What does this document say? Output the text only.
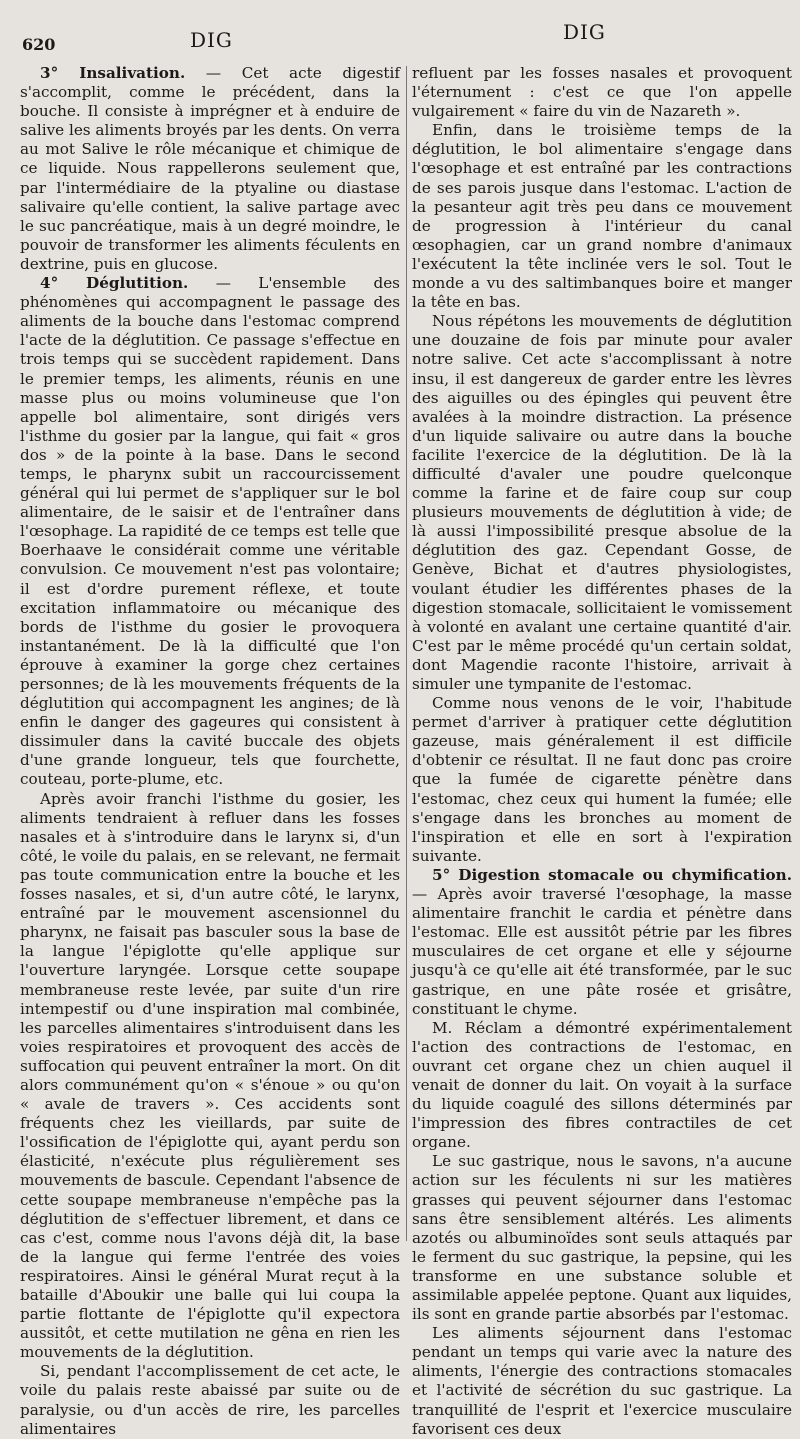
620	DIG	DIG

3° Insalivation. — Cet acte digestif s'accomplit, comme le précédent, dans la bouche. Il consiste à imprégner et à enduire de salive les aliments broyés par les dents. On verra au mot Salive le rôle mécanique et chimique de ce liquide. Nous rappellerons seulement que, par l'intermédiaire de la ptyaline ou diastase salivaire qu'elle contient, la salive partage avec le suc pancréatique, mais à un degré moindre, le pouvoir de transformer les aliments féculents en dextrine, puis en glucose.

4° Déglutition. — L'ensemble des phénomènes qui accompagnent le passage des aliments de la bouche dans l'estomac comprend l'acte de la déglutition. Ce passage s'effectue en trois temps qui se succèdent rapidement. Dans le premier temps, les aliments, réunis en une masse plus ou moins volumineuse que l'on appelle bol alimentaire, sont dirigés vers l'isthme du gosier par la langue, qui fait « gros dos » de la pointe à la base. Dans le second temps, le pharynx subit un raccourcissement général qui lui permet de s'appliquer sur le bol alimentaire, de le saisir et de l'entraîner dans l'œsophage. La rapidité de ce temps est telle que Boerhaave le considérait comme une véritable convulsion. Ce mouvement n'est pas volontaire; il est d'ordre purement réflexe, et toute excitation inflammatoire ou mécanique des bords de l'isthme du gosier le provoquera instantanément. De là la difficulté que l'on éprouve à examiner la gorge chez certaines personnes; de là les mouvements fréquents de la déglutition qui accompagnent les angines; de là enfin le danger des gageures qui consistent à dissimuler dans la cavité buccale des objets d'une grande longueur, tels que fourchette, couteau, porte-plume, etc.

Après avoir franchi l'isthme du gosier, les aliments tendraient à refluer dans les fosses nasales et à s'introduire dans le larynx si, d'un côté, le voile du palais, en se relevant, ne fermait pas toute communication entre la bouche et les fosses nasales, et si, d'un autre côté, le larynx, entraîné par le mouvement ascensionnel du pharynx, ne faisait pas basculer sous la base de la langue l'épiglotte qu'elle applique sur l'ouverture laryngée. Lorsque cette soupape membraneuse reste levée, par suite d'un rire intempestif ou d'une inspiration mal combinée, les parcelles alimentaires s'introduisent dans les voies respiratoires et provoquent des accès de suffocation qui peuvent entraîner la mort. On dit alors communément qu'on « s'énoue » ou qu'on « avale de travers ». Ces accidents sont fréquents chez les vieillards, par suite de l'ossification de l'épiglotte qui, ayant perdu son élasticité, n'exécute plus régulièrement ses mouvements de bascule. Cependant l'absence de cette soupape membraneuse n'empêche pas la déglutition de s'effectuer librement, et dans ce cas c'est, comme nous l'avons déjà dit, la base de la langue qui ferme l'entrée des voies respiratoires. Ainsi le général Murat reçut à la bataille d'Aboukir une balle qui lui coupa la partie flottante de l'épiglotte qu'il expectora aussitôt, et cette mutilation ne gêna en rien les mouvements de la déglutition.

Si, pendant l'accomplissement de cet acte, le voile du palais reste abaissé par suite ou de paralysie, ou d'un accès de rire, les parcelles alimentaires

refluent par les fosses nasales et provoquent l'éternument : c'est ce que l'on appelle vulgairement « faire du vin de Nazareth ».

Enfin, dans le troisième temps de la déglutition, le bol alimentaire s'engage dans l'œsophage et est entraîné par les contractions de ses parois jusque dans l'estomac. L'action de la pesanteur agit très peu dans ce mouvement de progression à l'intérieur du canal œsophagien, car un grand nombre d'animaux l'exécutent la tête inclinée vers le sol. Tout le monde a vu des saltimbanques boire et manger la tête en bas.

Nous répétons les mouvements de déglutition une douzaine de fois par minute pour avaler notre salive. Cet acte s'accomplissant à notre insu, il est dangereux de garder entre les lèvres des aiguilles ou des épingles qui peuvent être avalées à la moindre distraction. La présence d'un liquide salivaire ou autre dans la bouche facilite l'exercice de la déglutition. De là la difficulté d'avaler une poudre quelconque comme la farine et de faire coup sur coup plusieurs mouvements de déglutition à vide; de là aussi l'impossibilité presque absolue de la déglutition des gaz. Cependant Gosse, de Genève, Bichat et d'autres physiologistes, voulant étudier les différentes phases de la digestion stomacale, sollicitaient le vomissement à volonté en avalant une certaine quantité d'air. C'est par le même procédé qu'un certain soldat, dont Magendie raconte l'histoire, arrivait à simuler une tympanite de l'estomac.

Comme nous venons de le voir, l'habitude permet d'arriver à pratiquer cette déglutition gazeuse, mais généralement il est difficile d'obtenir ce résultat. Il ne faut donc pas croire que la fumée de cigarette pénètre dans l'estomac, chez ceux qui hument la fumée; elle s'engage dans les bronches au moment de l'inspiration et elle en sort à l'expiration suivante.

5° Digestion stomacale ou chymification. — Après avoir traversé l'œsophage, la masse alimentaire franchit le cardia et pénètre dans l'estomac. Elle est aussitôt pétrie par les fibres musculaires de cet organe et elle y séjourne jusqu'à ce qu'elle ait été transformée, par le suc gastrique, en une pâte rosée et grisâtre, constituant le chyme.

M. Réclam a démontré expérimentalement l'action des contractions de l'estomac, en ouvrant cet organe chez un chien auquel il venait de donner du lait. On voyait à la surface du liquide coagulé des sillons déterminés par l'impression des fibres contractiles de cet organe.

Le suc gastrique, nous le savons, n'a aucune action sur les féculents ni sur les matières grasses qui peuvent séjourner dans l'estomac sans être sensiblement altérés. Les aliments azotés ou albuminoïdes sont seuls attaqués par le ferment du suc gastrique, la pepsine, qui les transforme en une substance soluble et assimilable appelée peptone. Quant aux liquides, ils sont en grande partie absorbés par l'estomac.

Les aliments séjournent dans l'estomac pendant un temps qui varie avec la nature des aliments, l'énergie des contractions stomacales et l'activité de sécrétion du suc gastrique. La tranquillité de l'esprit et l'exercice musculaire favorisent ces deux
